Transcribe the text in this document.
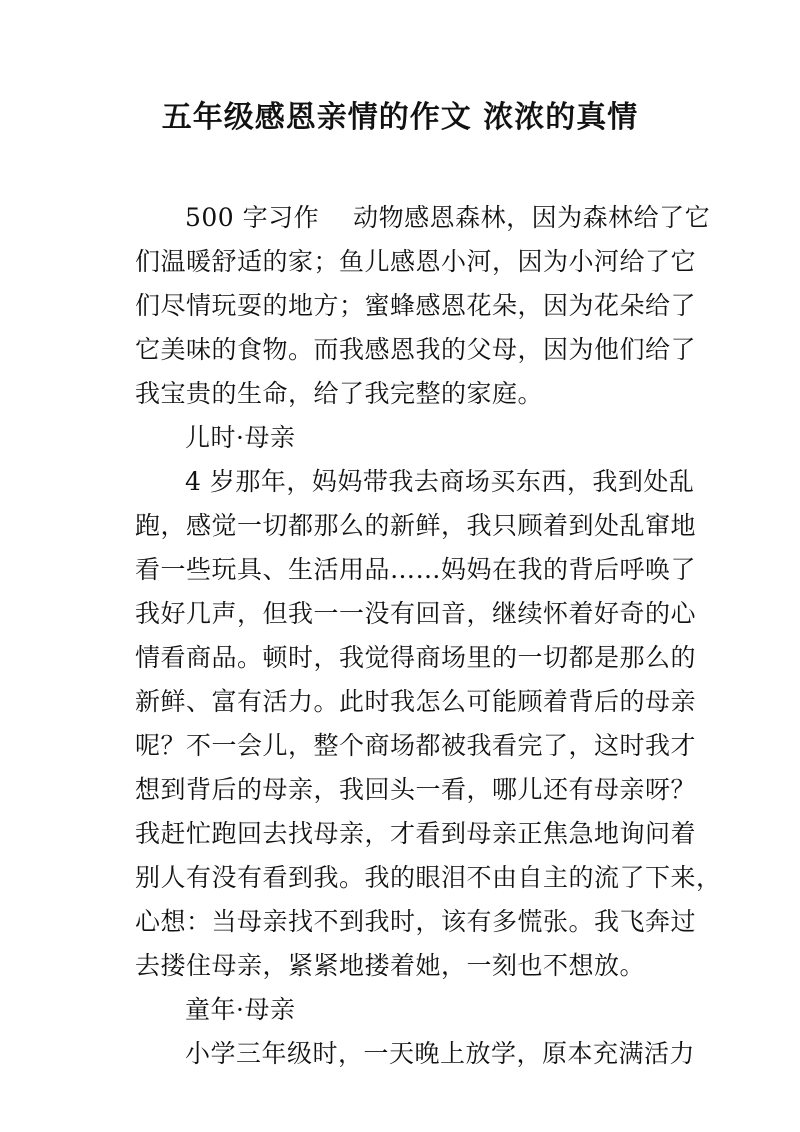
五年级感恩亲情的作文 浓浓的真情
500 字习作　 动物感恩森林，因为森林给了它
们温暖舒适的家；鱼儿感恩小河，因为小河给了它
们尽情玩耍的地方；蜜蜂感恩花朵，因为花朵给了
它美味的食物。而我感恩我的父母，因为他们给了
我宝贵的生命，给了我完整的家庭。
儿时·母亲
4 岁那年，妈妈带我去商场买东西，我到处乱
跑，感觉一切都那么的新鲜，我只顾着到处乱窜地
看一些玩具、生活用品……妈妈在我的背后呼唤了
我好几声，但我一一没有回音，继续怀着好奇的心
情看商品。顿时，我觉得商场里的一切都是那么的
新鲜、富有活力。此时我怎么可能顾着背后的母亲
呢？不一会儿，整个商场都被我看完了，这时我才
想到背后的母亲，我回头一看，哪儿还有母亲呀？
我赶忙跑回去找母亲，才看到母亲正焦急地询问着
别人有没有看到我。我的眼泪不由自主的流了下来，
心想：当母亲找不到我时，该有多慌张。我飞奔过
去搂住母亲，紧紧地搂着她，一刻也不想放。
童年·母亲
小学三年级时，一天晚上放学，原本充满活力
